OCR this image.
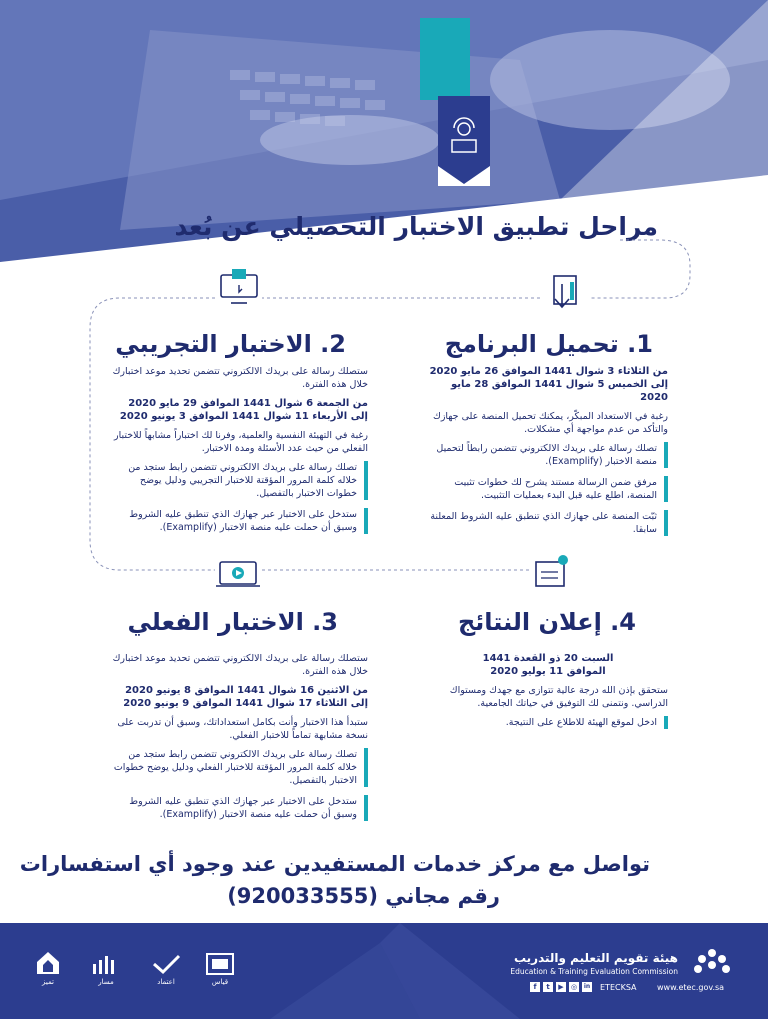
مراحل تطبيق الاختبار التحصيلي عن بُعد
1. تحميل البرنامج
من الثلاثاء 3 شوال 1441 الموافق 26 مايو 2020
إلى الخميس 5 شوال 1441 الموافق 28 مايو 2020
رغبة في الاستعداد المبكّر، يمكنك تحميل المنصة على جهازك والتأكد من عدم مواجهة أي مشكلات.
تصلك رسالة على بريدك الالكتروني تتضمن رابطاً لتحميل منصة الاختبار (Examplify).
مرفق ضمن الرسالة مستند يشرح لك خطوات تثبيت المنصة، اطلع عليه قبل البدء بعمليات التثبيت.
ثبّت المنصة على جهازك الذي تنطبق عليه الشروط المعلنة سابقا.
2. الاختبار التجريبي
ستصلك رسالة على بريدك الالكتروني تتضمن تحديد موعد اختبارك خلال هذه الفترة.
من الجمعة 6 شوال 1441 الموافق 29 مايو 2020
إلى الأربعاء 11 شوال 1441 الموافق 3 يونيو 2020
رغبة في التهيئة النفسية والعلمية، وفرنا لك اختباراً مشابهاً للاختبار الفعلي من حيث عدد الأسئلة ومدة الاختبار.
تصلك رسالة على بريدك الالكتروني تتضمن رابط ستجد من خلاله كلمة المرور المؤقتة للاختبار التجريبي ودليل يوضح خطوات الاختبار بالتفصيل.
ستدخل على الاختبار عبر جهازك الذي تنطبق عليه الشروط وسبق أن حملت عليه منصة الاختبار (Examplify).
3. الاختبار الفعلي
ستصلك رسالة على بريدك الالكتروني تتضمن تحديد موعد اختبارك خلال هذه الفترة.
من الاثنين 16 شوال 1441 الموافق 8 يونيو 2020
إلى الثلاثاء 17 شوال 1441 الموافق 9 يونيو 2020
ستبدأ هذا الاختبار وأنت بكامل استعداداتك، وسبق أن تدربت على نسخة مشابهة تماماً للاختبار الفعلي.
تصلك رسالة على بريدك الالكتروني تتضمن رابط ستجد من خلاله كلمة المرور المؤقتة للاختبار الفعلي ودليل يوضح خطوات الاختبار بالتفصيل.
ستدخل على الاختبار عبر جهازك الذي تنطبق عليه الشروط وسبق أن حملت عليه منصة الاختبار (Examplify).
4. إعلان النتائج
السبت 20 ذو القعدة 1441
الموافق 11 يوليو 2020
ستحقق بإذن الله درجة عالية تتوازى مع جهدك ومستواك الدراسي. ونتمنى لك التوفيق في حياتك الجامعية.
ادخل لموقع الهيئة للاطلاع على النتيجة.
تواصل مع مركز خدمات المستفيدين عند وجود أي استفسارات
رقم مجاني (920033555)
هيئة تقويم التعليم والتدريب
Education & Training Evaluation Commission
f	t	▶	◎	in ETECKSA	www.etec.gov.sa
تميز	مسار	اعتماد	قياس
